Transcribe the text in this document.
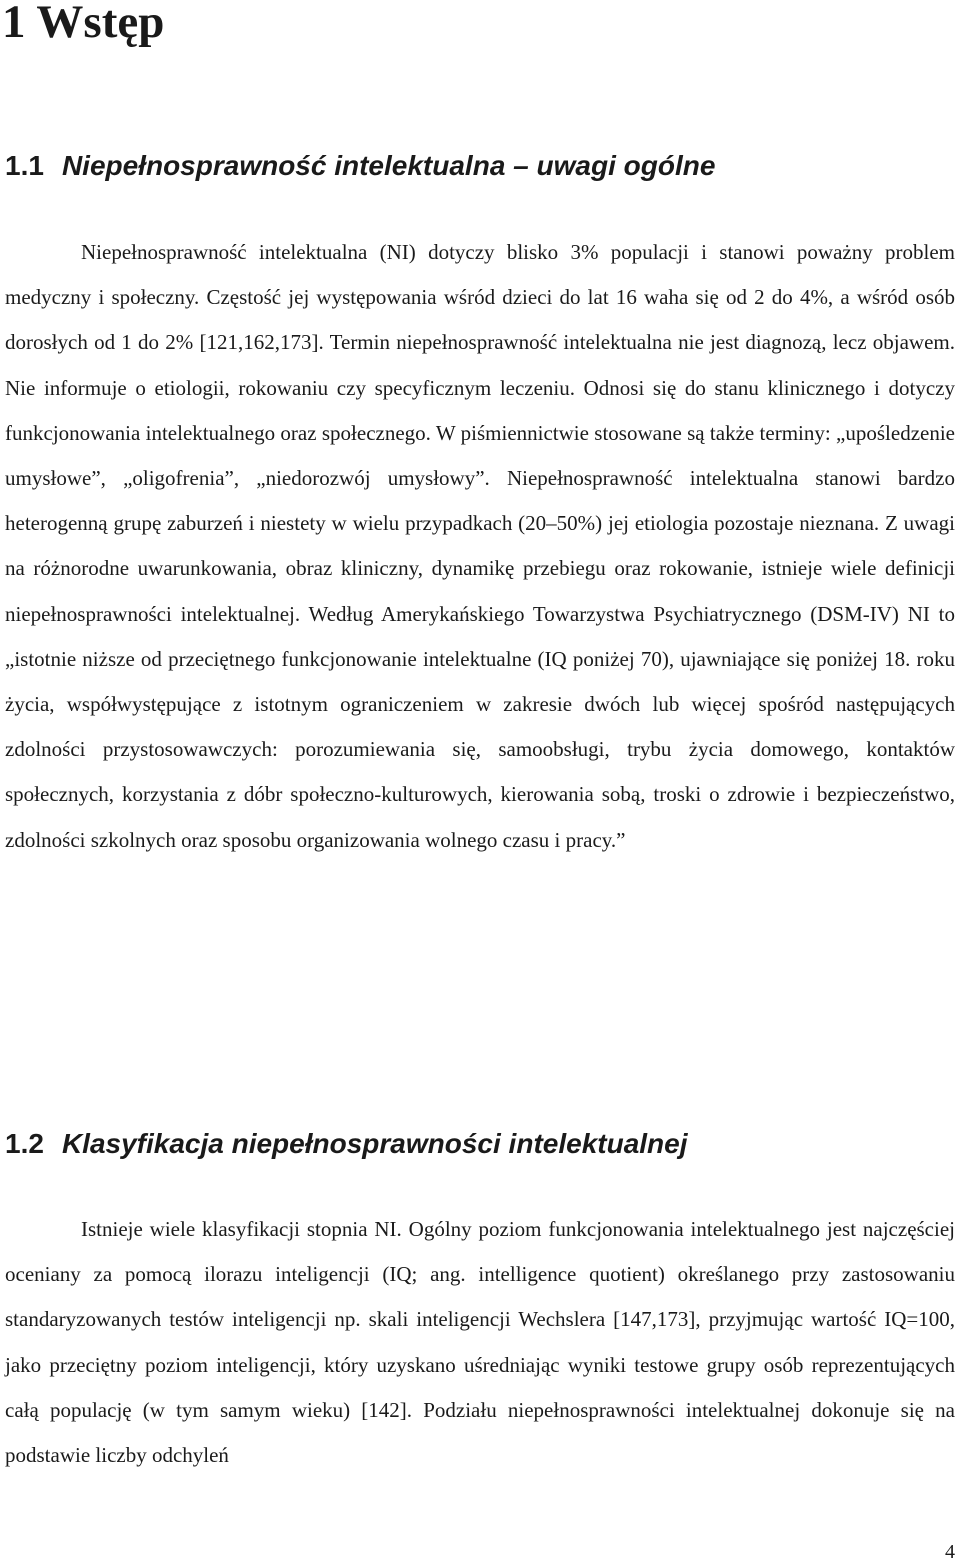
1 Wstęp
1.1 Niepełnosprawność intelektualna – uwagi ogólne

Niepełnosprawność intelektualna (NI) dotyczy blisko 3% populacji i stanowi poważny problem medyczny i społeczny. Częstość jej występowania wśród dzieci do lat 16 waha się od 2 do 4%, a wśród osób dorosłych od 1 do 2% [121,162,173]. Termin niepełnosprawność intelektualna nie jest diagnozą, lecz objawem. Nie informuje o etiologii, rokowaniu czy specyficznym leczeniu. Odnosi się do stanu klinicznego i dotyczy funkcjonowania intelektualnego oraz społecznego. W piśmiennictwie stosowane są także terminy: „upośledzenie umysłowe”, „oligofrenia”, „niedorozwój umysłowy”. Niepełnosprawność intelektualna stanowi bardzo heterogenną grupę zaburzeń i niestety w wielu przypadkach (20–50%) jej etiologia pozostaje nieznana. Z uwagi na różnorodne uwarunkowania, obraz kliniczny, dynamikę przebiegu oraz rokowanie, istnieje wiele definicji niepełnosprawności intelektualnej. Według Amerykańskiego Towarzystwa Psychiatrycznego (DSM-IV) NI to „istotnie niższe od przeciętnego funkcjonowanie intelektualne (IQ poniżej 70), ujawniające się poniżej 18. roku życia, współwystępujące z istotnym ograniczeniem w zakresie dwóch lub więcej spośród następujących zdolności przystosowawczych: porozumiewania się, samoobsługi, trybu życia domowego, kontaktów społecznych, korzystania z dóbr społeczno-kulturowych, kierowania sobą, troski o zdrowie i bezpieczeństwo, zdolności szkolnych oraz sposobu organizowania wolnego czasu i pracy.”

1.2 Klasyfikacja niepełnosprawności intelektualnej

Istnieje wiele klasyfikacji stopnia NI. Ogólny poziom funkcjonowania intelektualnego jest najczęściej oceniany za pomocą ilorazu inteligencji (IQ; ang. intelligence quotient) określanego przy zastosowaniu standaryzowanych testów inteligencji np. skali inteligencji Wechslera [147,173], przyjmując wartość IQ=100, jako przeciętny poziom inteligencji, który uzyskano uśredniając wyniki testowe grupy osób reprezentujących całą populację (w tym samym wieku) [142]. Podziału niepełnosprawności intelektualnej dokonuje się na podstawie liczby odchyleń

4
